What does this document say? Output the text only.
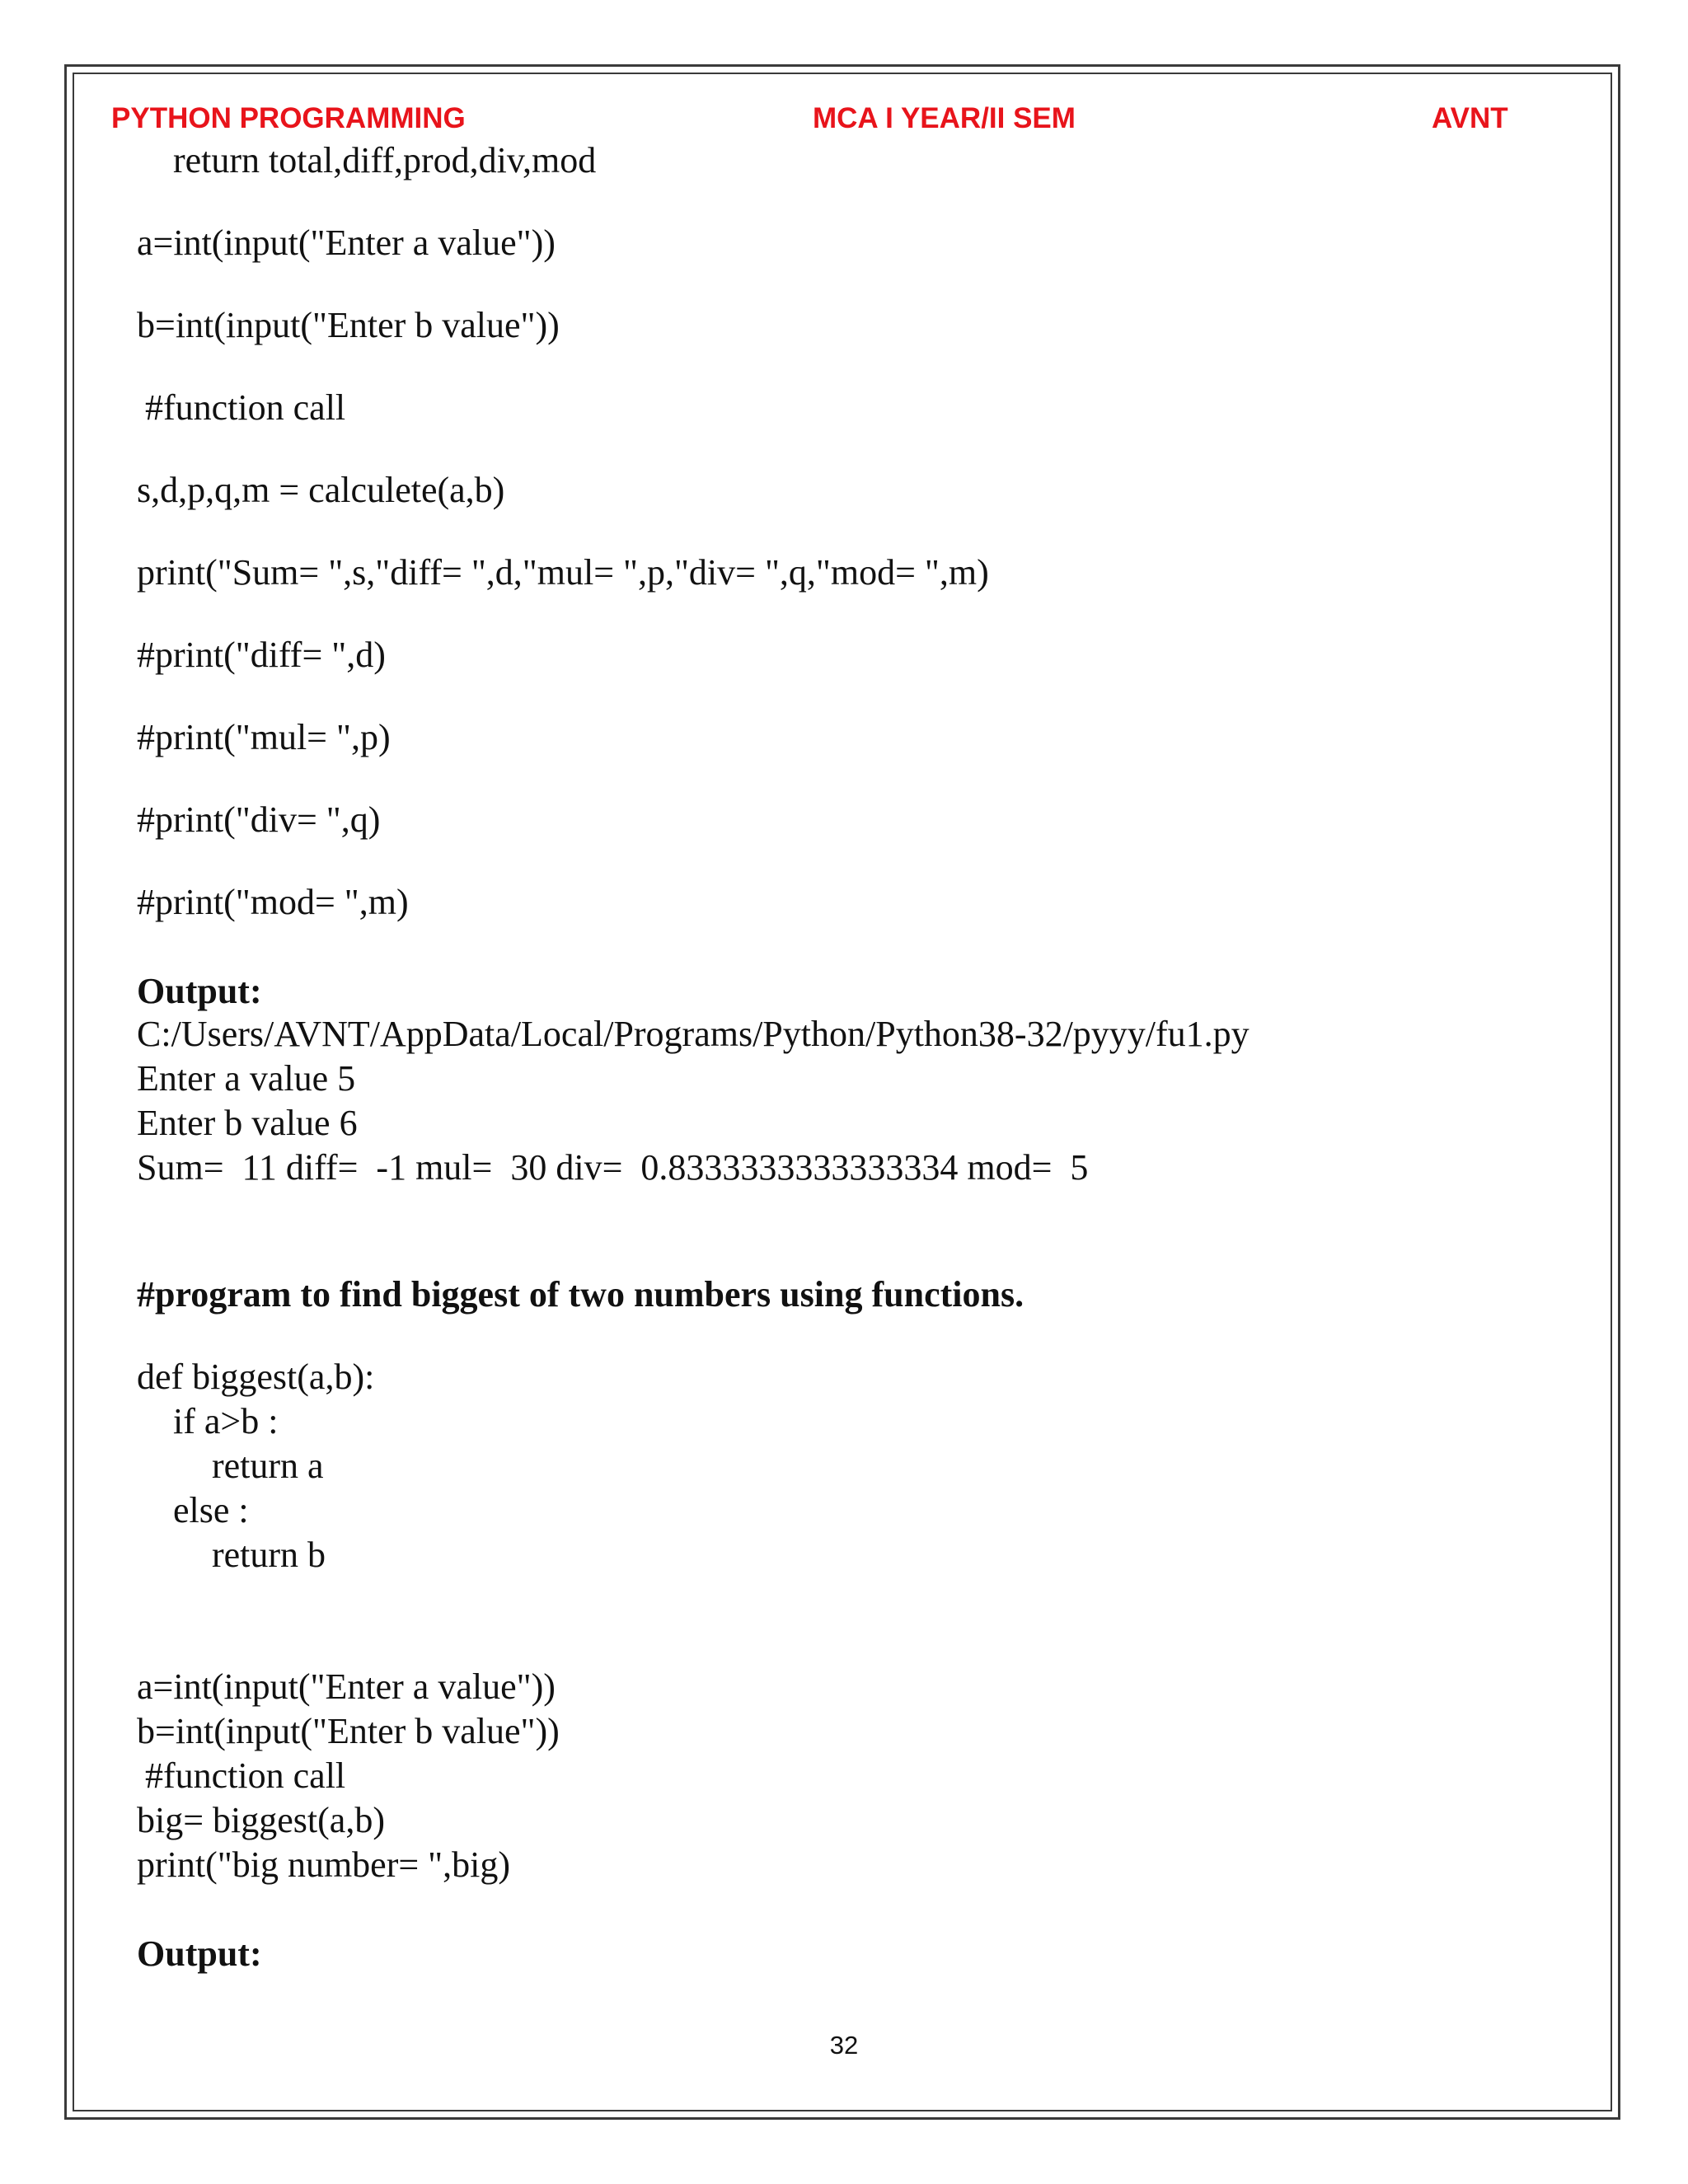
PYTHON PROGRAMMING	MCA I YEAR/II SEM	AVNT
return total,diff,prod,div,mod
a=int(input("Enter a value"))
b=int(input("Enter b value"))
#function call
s,d,p,q,m = calculete(a,b)
print("Sum= ",s,"diff= ",d,"mul= ",p,"div= ",q,"mod= ",m)
#print("diff= ",d)
#print("mul= ",p)
#print("div= ",q)
#print("mod= ",m)
Output:
C:/Users/AVNT/AppData/Local/Programs/Python/Python38-32/pyyy/fu1.py
Enter a value 5
Enter b value 6
Sum=  11 diff=  -1 mul=  30 div=  0.8333333333333334 mod=  5
#program to find biggest of two numbers using functions.
def biggest(a,b):
if a>b :
return a
else :
return b
a=int(input("Enter a value"))
b=int(input("Enter b value"))
#function call
big= biggest(a,b)
print("big number= ",big)
Output:
32
